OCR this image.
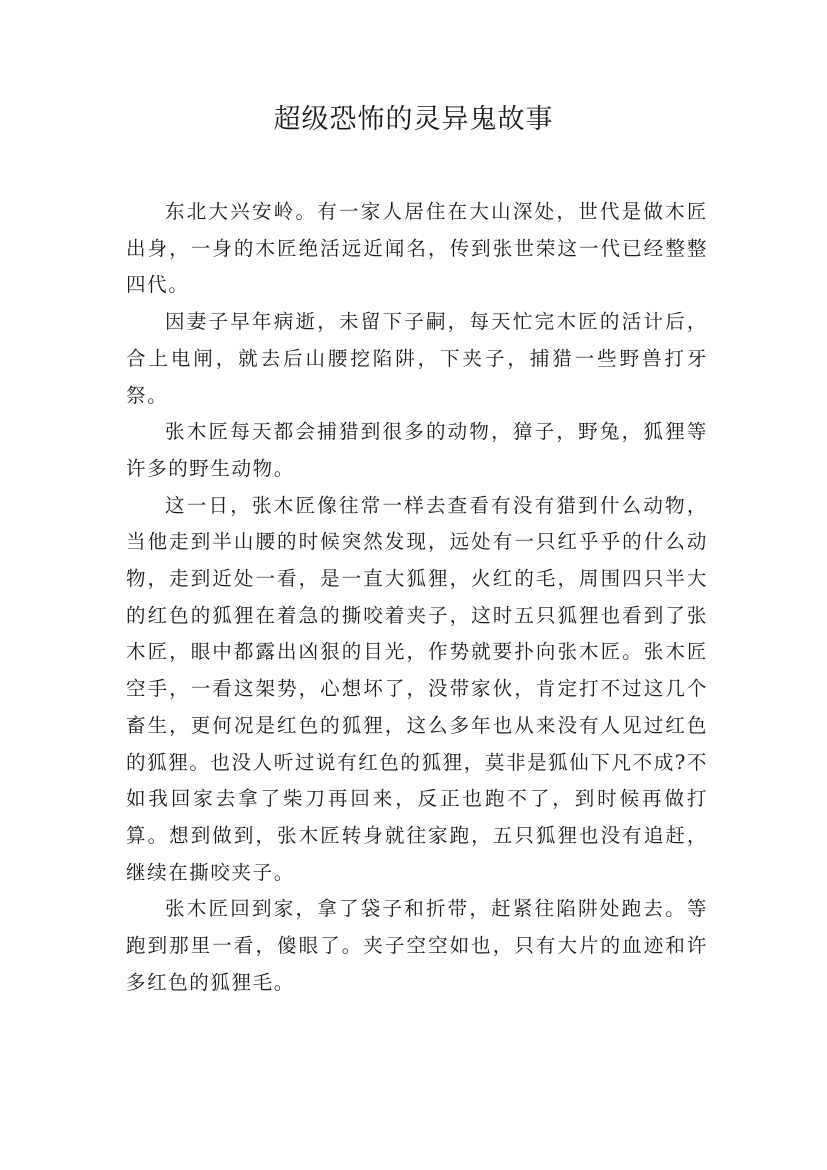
超级恐怖的灵异鬼故事

东北大兴安岭。有一家人居住在大山深处，世代是做木匠出身，一身的木匠绝活远近闻名，传到张世荣这一代已经整整四代。

因妻子早年病逝，未留下子嗣，每天忙完木匠的活计后，合上电闸，就去后山腰挖陷阱，下夹子，捕猎一些野兽打牙祭。

张木匠每天都会捕猎到很多的动物，獐子，野兔，狐狸等许多的野生动物。

这一日，张木匠像往常一样去查看有没有猎到什么动物，当他走到半山腰的时候突然发现，远处有一只红乎乎的什么动物，走到近处一看，是一直大狐狸，火红的毛，周围四只半大的红色的狐狸在着急的撕咬着夹子，这时五只狐狸也看到了张木匠，眼中都露出凶狠的目光，作势就要扑向张木匠。张木匠空手，一看这架势，心想坏了，没带家伙，肯定打不过这几个畜生，更何况是红色的狐狸，这么多年也从来没有人见过红色的狐狸。也没人听过说有红色的狐狸，莫非是狐仙下凡不成?不如我回家去拿了柴刀再回来，反正也跑不了，到时候再做打算。想到做到，张木匠转身就往家跑，五只狐狸也没有追赶，继续在撕咬夹子。

张木匠回到家，拿了袋子和折带，赶紧往陷阱处跑去。等跑到那里一看，傻眼了。夹子空空如也，只有大片的血迹和许多红色的狐狸毛。
